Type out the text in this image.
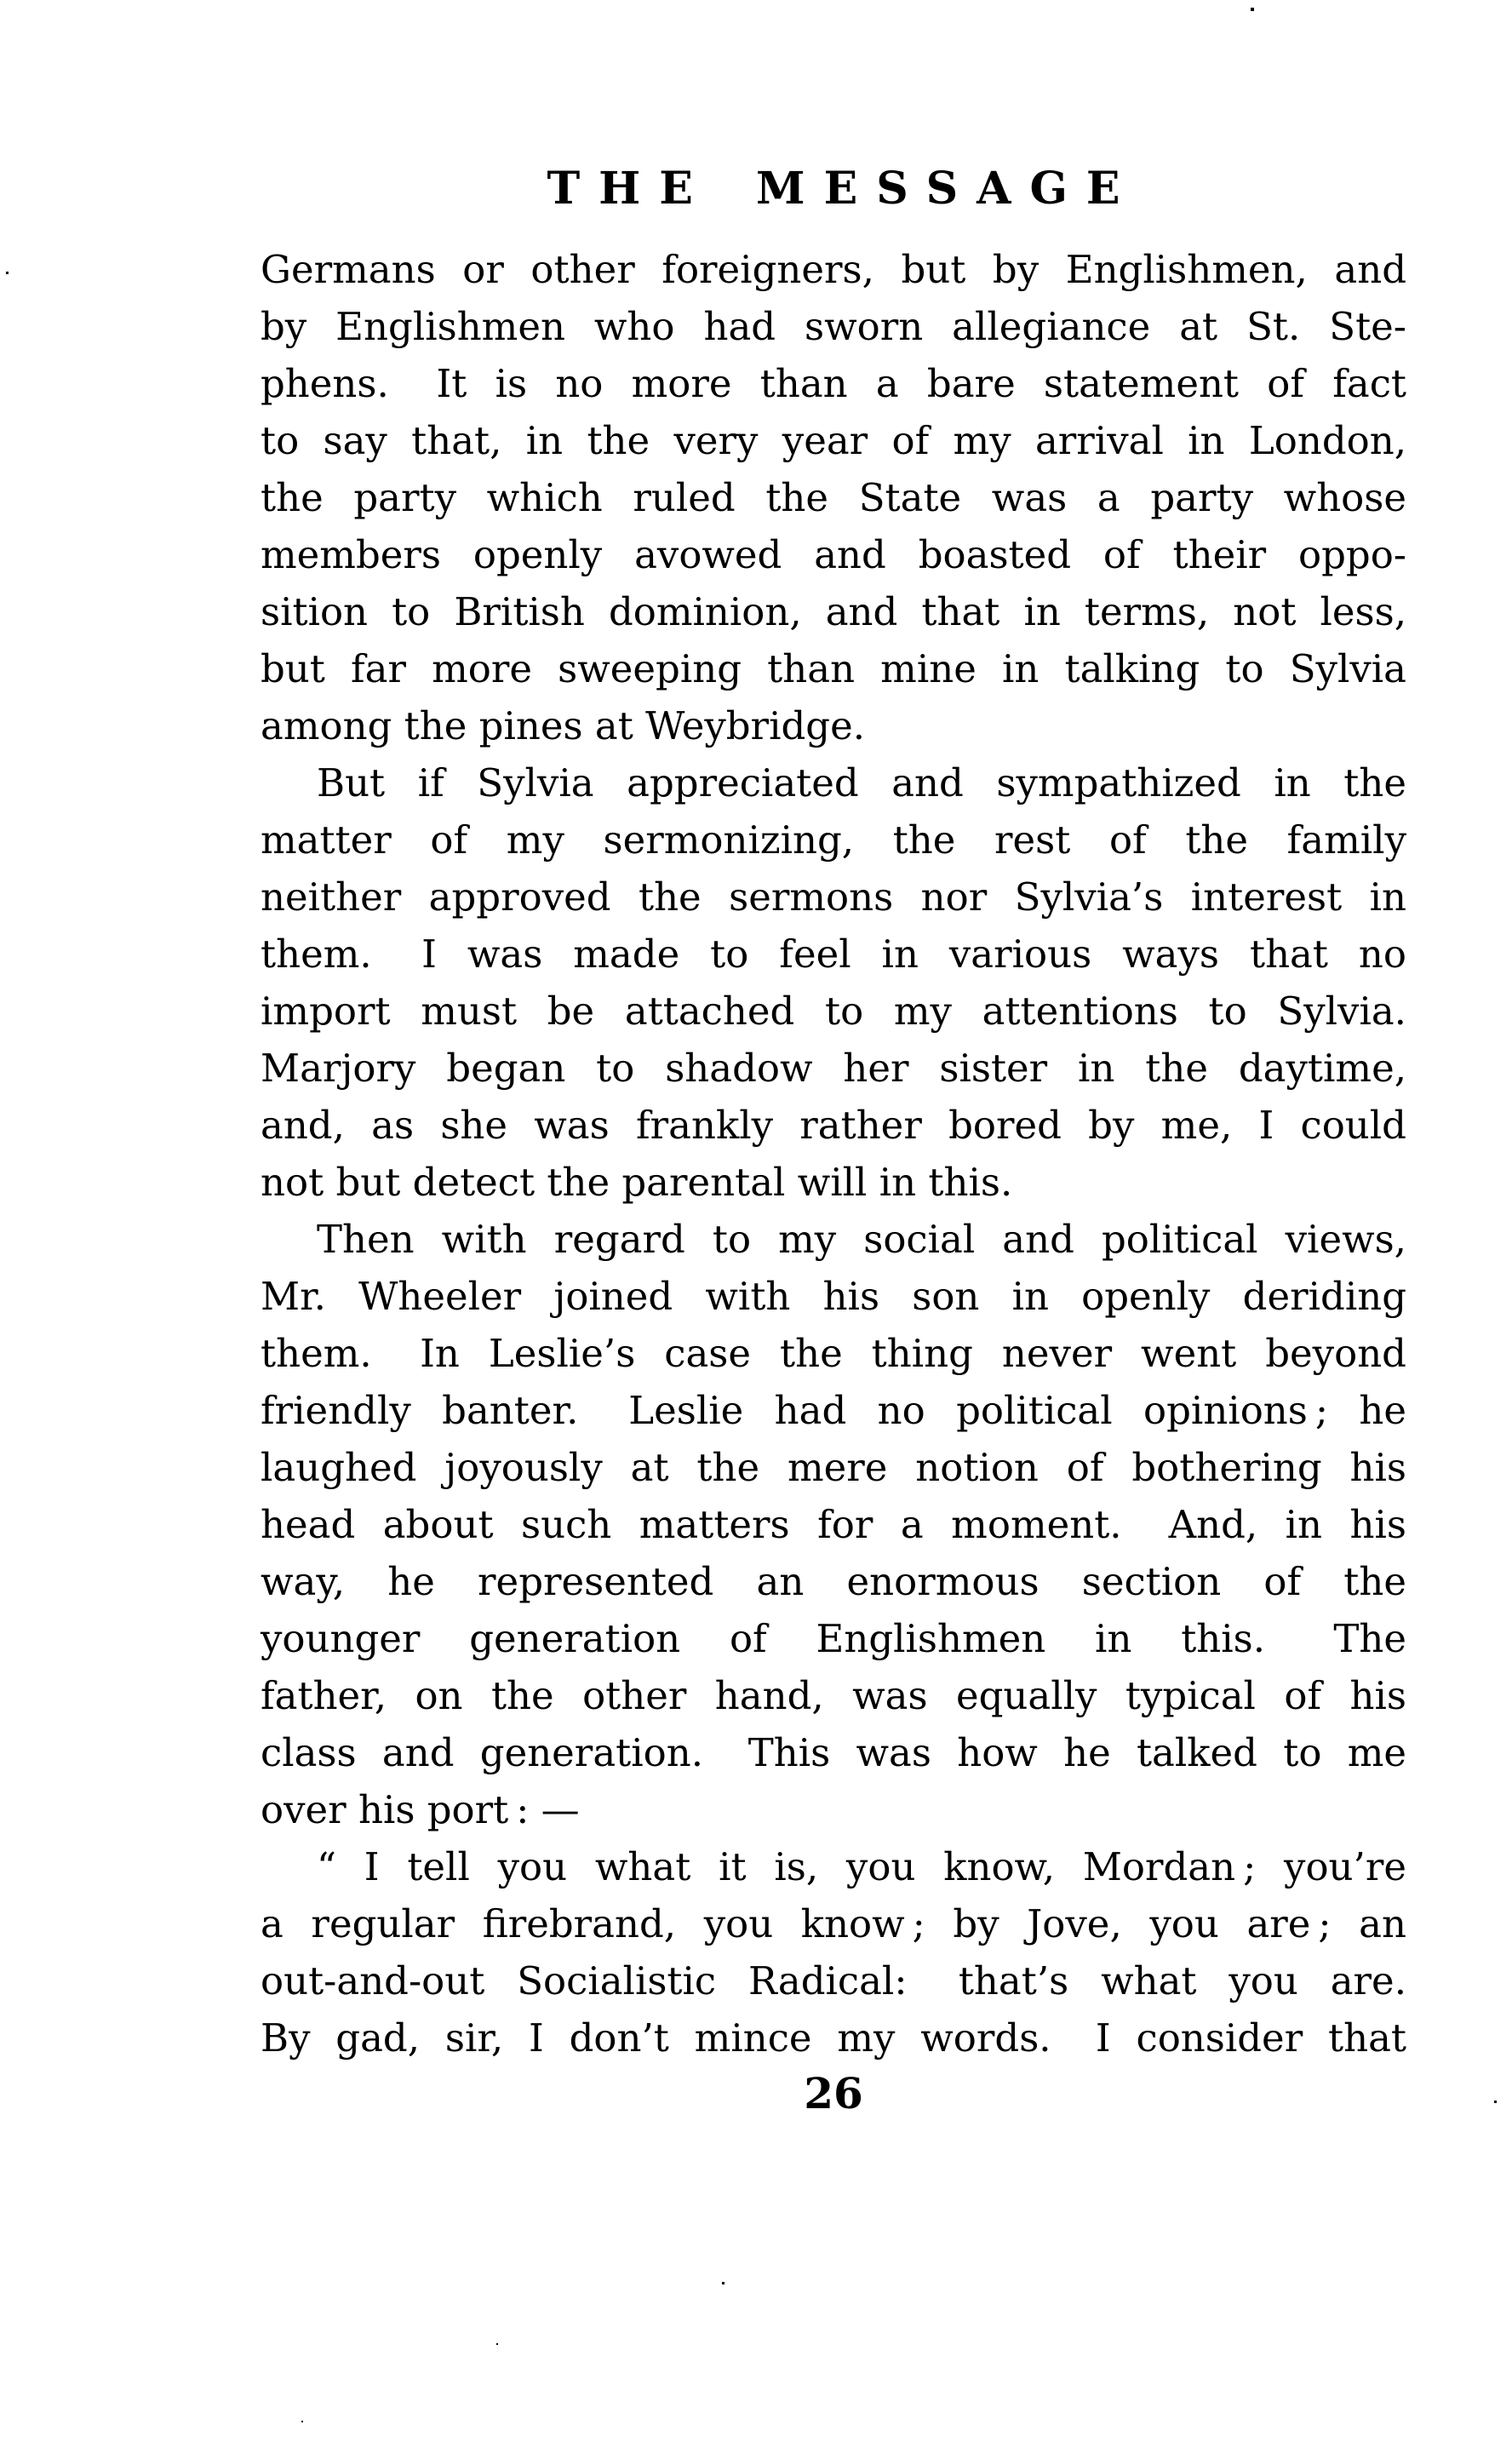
THE MESSAGE
Germans or other foreigners, but by Englishmen, and
by Englishmen who had sworn allegiance at St. Ste-
phens.  It is no more than a bare statement of fact
to say that, in the very year of my arrival in London,
the party which ruled the State was a party whose
members openly avowed and boasted of their oppo-
sition to British dominion, and that in terms, not less,
but far more sweeping than mine in talking to Sylvia
among the pines at Weybridge.
But if Sylvia appreciated and sympathized in the
matter of my sermonizing, the rest of the family
neither approved the sermons nor Sylvia’s interest in
them.  I was made to feel in various ways that no
import must be attached to my attentions to Sylvia.
Marjory began to shadow her sister in the daytime,
and, as she was frankly rather bored by me, I could
not but detect the parental will in this.
Then with regard to my social and political views,
Mr. Wheeler joined with his son in openly deriding
them.  In Leslie’s case the thing never went beyond
friendly banter.  Leslie had no political opinions ; he
laughed joyously at the mere notion of bothering his
head about such matters for a moment.  And, in his
way, he represented an enormous section of the
younger generation of Englishmen in this.  The
father, on the other hand, was equally typical of his
class and generation.  This was how he talked to me
over his port : —
“ I tell you what it is, you know, Mordan ; you’re
a regular firebrand, you know ; by Jove, you are ; an
out-and-out Socialistic Radical:  that’s what you are.
By gad, sir, I don’t mince my words.  I consider that
26
